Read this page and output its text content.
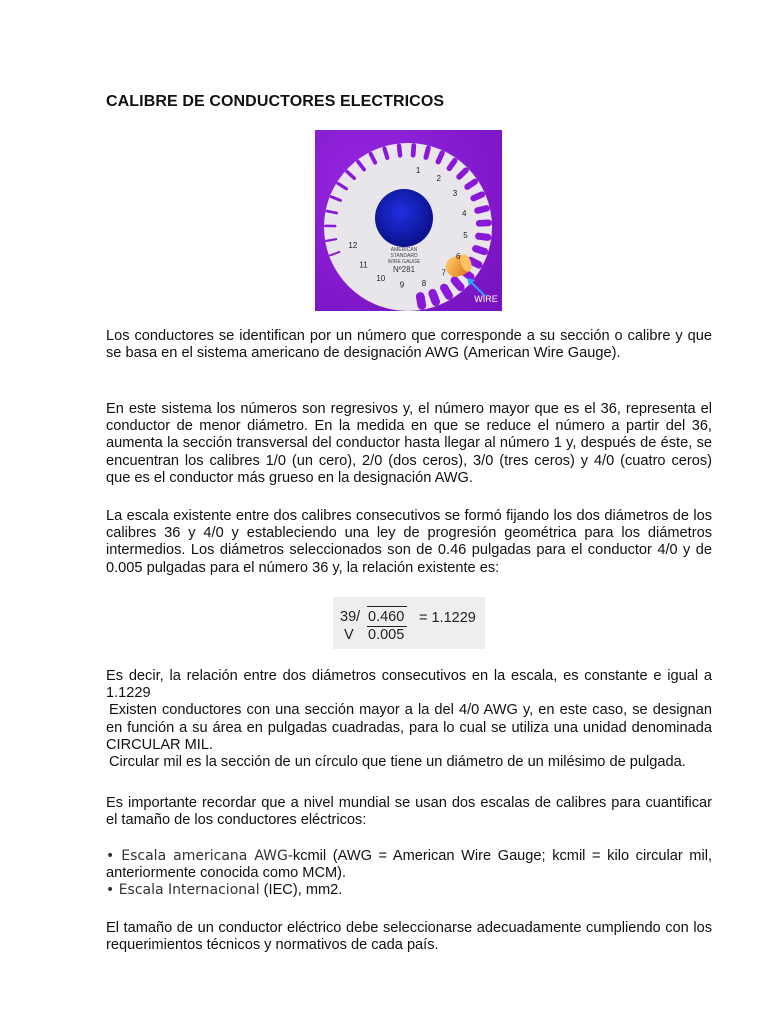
CALIBRE DE CONDUCTORES ELECTRICOS
AMERICAN
STANDARD
WIRE GAUGE
Nº281
WIRE
1
2
3
4
5
6
7
8
9
10
11
12

Los conductores se identifican por un número que corresponde a su sección o calibre y que se basa en el sistema americano de designación AWG (American Wire Gauge).

En este sistema los números son regresivos y, el número mayor que es el 36, representa el conductor de menor diámetro. En la medida en que se reduce el número a partir del 36, aumenta la sección transversal del conductor hasta llegar al número 1 y, después de éste, se encuentran los calibres 1/0 (un cero), 2/0 (dos ceros), 3/0 (tres ceros) y 4/0 (cuatro ceros) que es el conductor más grueso en la designación AWG.

La escala existente entre dos calibres consecutivos se formó fijando los dos diámetros de los calibres 36 y 4/0 y estableciendo una ley de progresión geométrica para los diámetros intermedios. Los diámetros seleccionados son de 0.46 pulgadas para el conductor 4/0 y de 0.005 pulgadas para el número 36 y, la relación existente es:

39/
V
0.460
0.005
= 1.1229
Es decir, la relación entre dos diámetros consecutivos en la escala, es constante e igual a 1.1229
Existen conductores con una sección mayor a la del 4/0 AWG y, en este caso, se designan en función a su área en pulgadas cuadradas, para lo cual se utiliza una unidad denominada CIRCULAR MIL.
Circular mil es la sección de un círculo que tiene un diámetro de un milésimo de pulgada.

Es importante recordar que a nivel mundial se usan dos escalas de calibres para cuantificar el tamaño de los conductores eléctricos:

• Escala americana AWG-kcmil (AWG = American Wire Gauge; kcmil = kilo circular mil, anteriormente conocida como MCM).
• Escala Internacional (IEC), mm2.

El tamaño de un conductor eléctrico debe seleccionarse adecuadamente cumpliendo con los requerimientos técnicos y normativos de cada país.
